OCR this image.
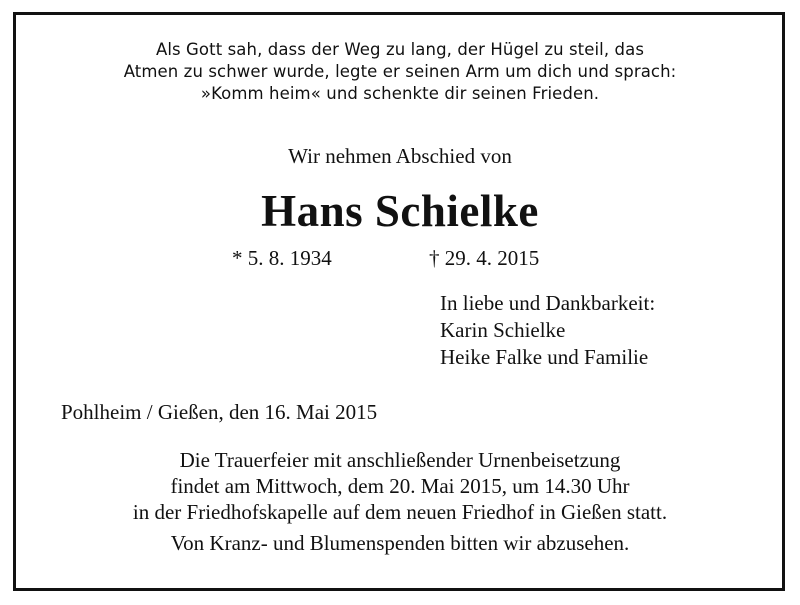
Als Gott sah, dass der Weg zu lang, der Hügel zu steil, das
Atmen zu schwer wurde, legte er seinen Arm um dich und sprach:
»Komm heim« und schenkte dir seinen Frieden.
Wir nehmen Abschied von
Hans Schielke
* 5. 8. 1934	† 29. 4. 2015
In liebe und Dankbarkeit:
Karin Schielke
Heike Falke und Familie
Pohlheim / Gießen, den 16. Mai 2015
Die Trauerfeier mit anschließender Urnenbeisetzung
findet am Mittwoch, dem 20. Mai 2015, um 14.30 Uhr
in der Friedhofskapelle auf dem neuen Friedhof in Gießen statt.
Von Kranz- und Blumenspenden bitten wir abzusehen.
